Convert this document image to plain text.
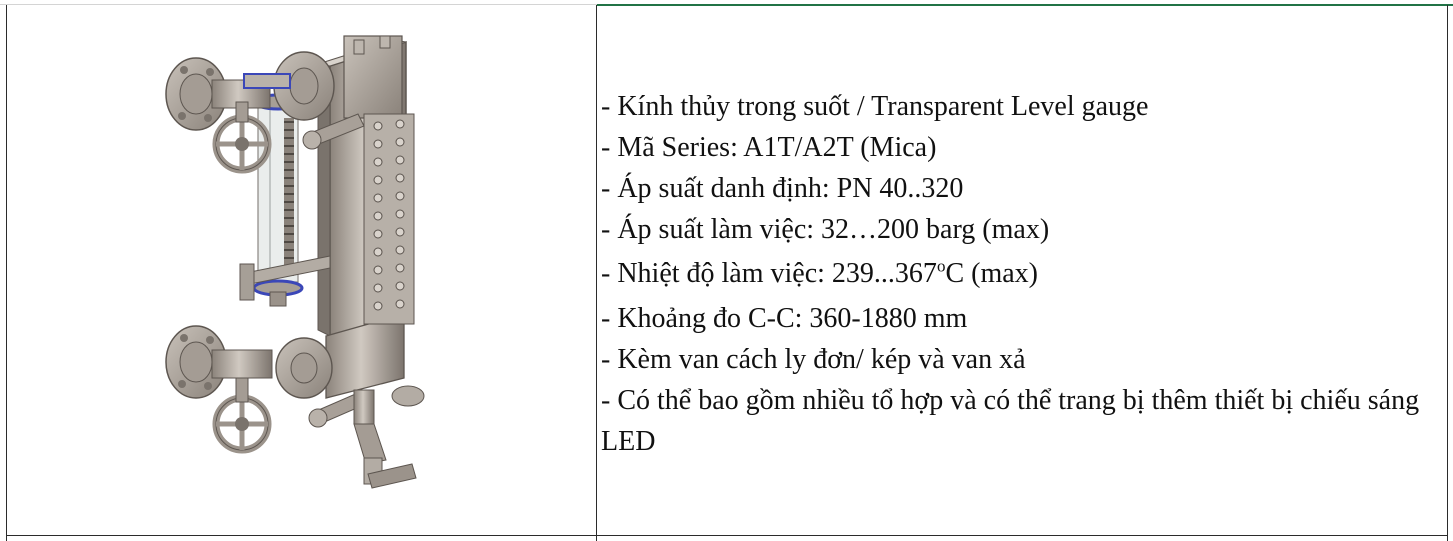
- Kính thủy trong suốt / Transparent Level gauge
- Mã Series: A1T/A2T (Mica)
- Áp suất danh định: PN 40..320
- Áp suất làm việc: 32…200 barg (max)
- Nhiệt độ làm việc: 239...367$^o$C (max)
- Khoảng đo C-C: 360-1880 mm
- Kèm van cách ly đơn/ kép và van xả
- Có thể bao gồm nhiều tổ hợp và có thể trang bị thêm thiết bị chiếu sáng LED
